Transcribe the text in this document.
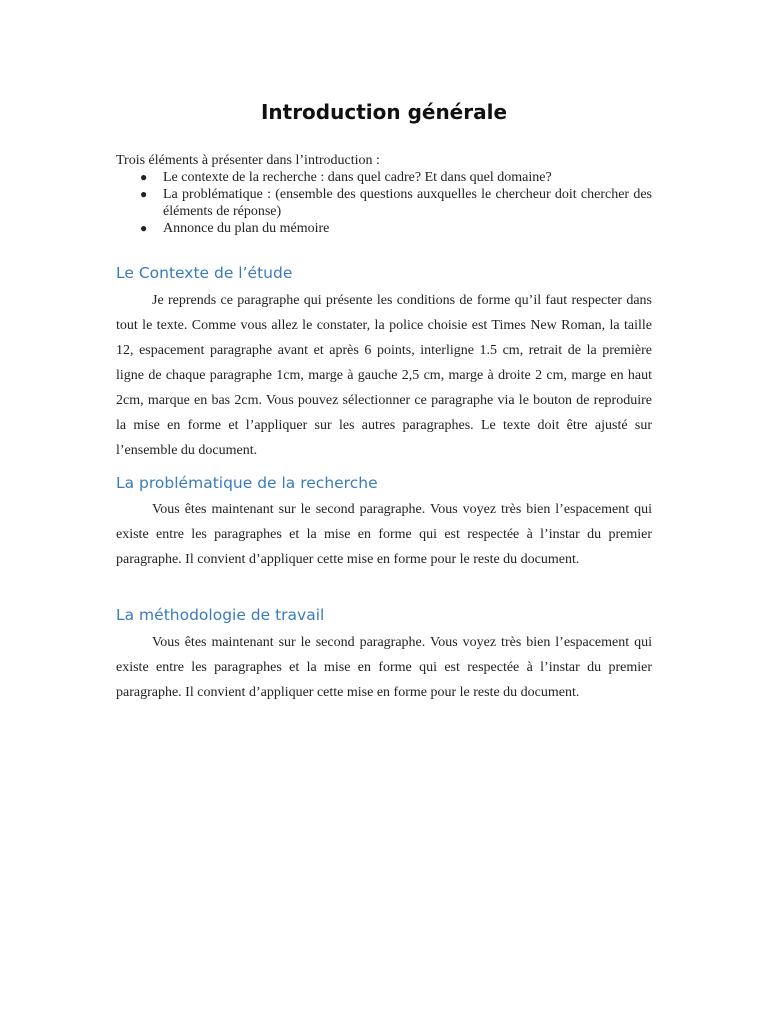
Introduction générale

Trois éléments à présenter dans l’introduction :

● Le contexte de la recherche : dans quel cadre? Et dans quel domaine?
● La problématique : (ensemble des questions auxquelles le chercheur doit chercher des éléments de réponse)
● Annonce du plan du mémoire
Le Contexte de l’étude

Je reprends ce paragraphe qui présente les conditions de forme qu’il faut respecter dans tout le texte. Comme vous allez le constater, la police choisie est Times New Roman, la taille 12, espacement paragraphe avant et après 6 points, interligne 1.5 cm, retrait de la première ligne de chaque paragraphe 1cm, marge à gauche 2,5 cm, marge à droite 2 cm, marge en haut 2cm, marque en bas 2cm. Vous pouvez sélectionner ce paragraphe via le bouton de reproduire la mise en forme et l’appliquer sur les autres paragraphes. Le texte doit être ajusté sur l’ensemble du document.

La problématique de la recherche

Vous êtes maintenant sur le second paragraphe. Vous voyez très bien l’espacement qui existe entre les paragraphes et la mise en forme qui est respectée à l’instar du premier paragraphe. Il convient d’appliquer cette mise en forme pour le reste du document.

La méthodologie de travail

Vous êtes maintenant sur le second paragraphe. Vous voyez très bien l’espacement qui existe entre les paragraphes et la mise en forme qui est respectée à l’instar du premier paragraphe. Il convient d’appliquer cette mise en forme pour le reste du document.
